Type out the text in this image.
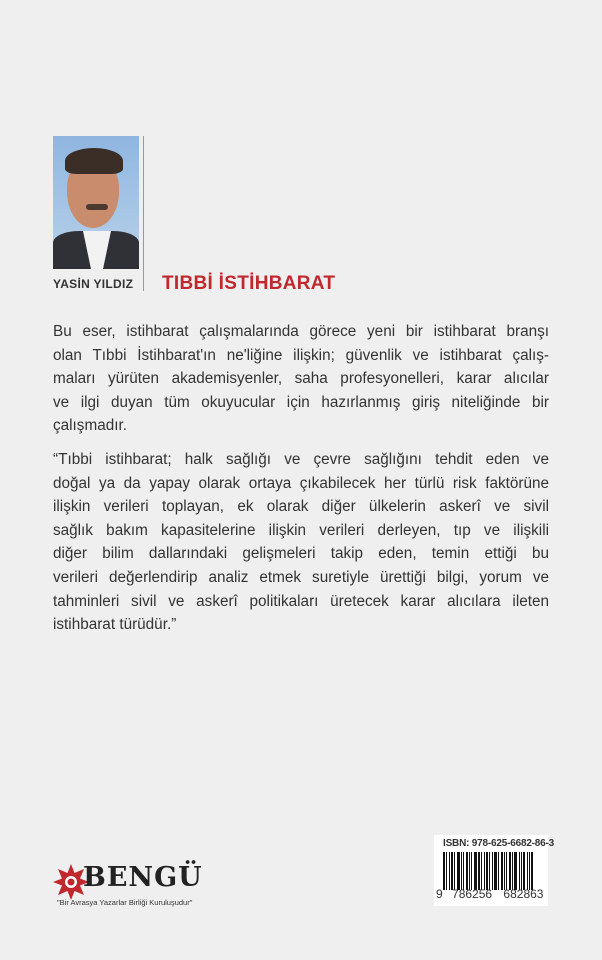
YASİN YILDIZ TIBBİ İSTİHBARAT
Bu eser, istihbarat çalışmalarında görece yeni bir istihbarat branşı
olan Tıbbi İstihbarat'ın ne'liğine ilişkin; güvenlik ve istihbarat çalış-
maları yürüten akademisyenler, saha profesyonelleri, karar alıcılar
ve ilgi duyan tüm okuyucular için hazırlanmış giriş niteliğinde bir
çalışmadır.
“Tıbbi istihbarat; halk sağlığı ve çevre sağlığını tehdit eden ve
doğal ya da yapay olarak ortaya çıkabilecek her türlü risk faktörüne
ilişkin verileri toplayan, ek olarak diğer ülkelerin askerî ve sivil
sağlık bakım kapasitelerine ilişkin verileri derleyen, tıp ve ilişkili
diğer bilim dallarındaki gelişmeleri takip eden, temin ettiği bu
verileri değerlendirip analiz etmek suretiyle ürettiği bilgi, yorum ve
tahminleri sivil ve askerî politikaları üretecek karar alıcılara ileten
istihbarat türüdür.”
BENGÜ
"Bir Avrasya Yazarlar Birliği Kuruluşudur"
ISBN: 978-625-6682-86-3
9 786256 682863
